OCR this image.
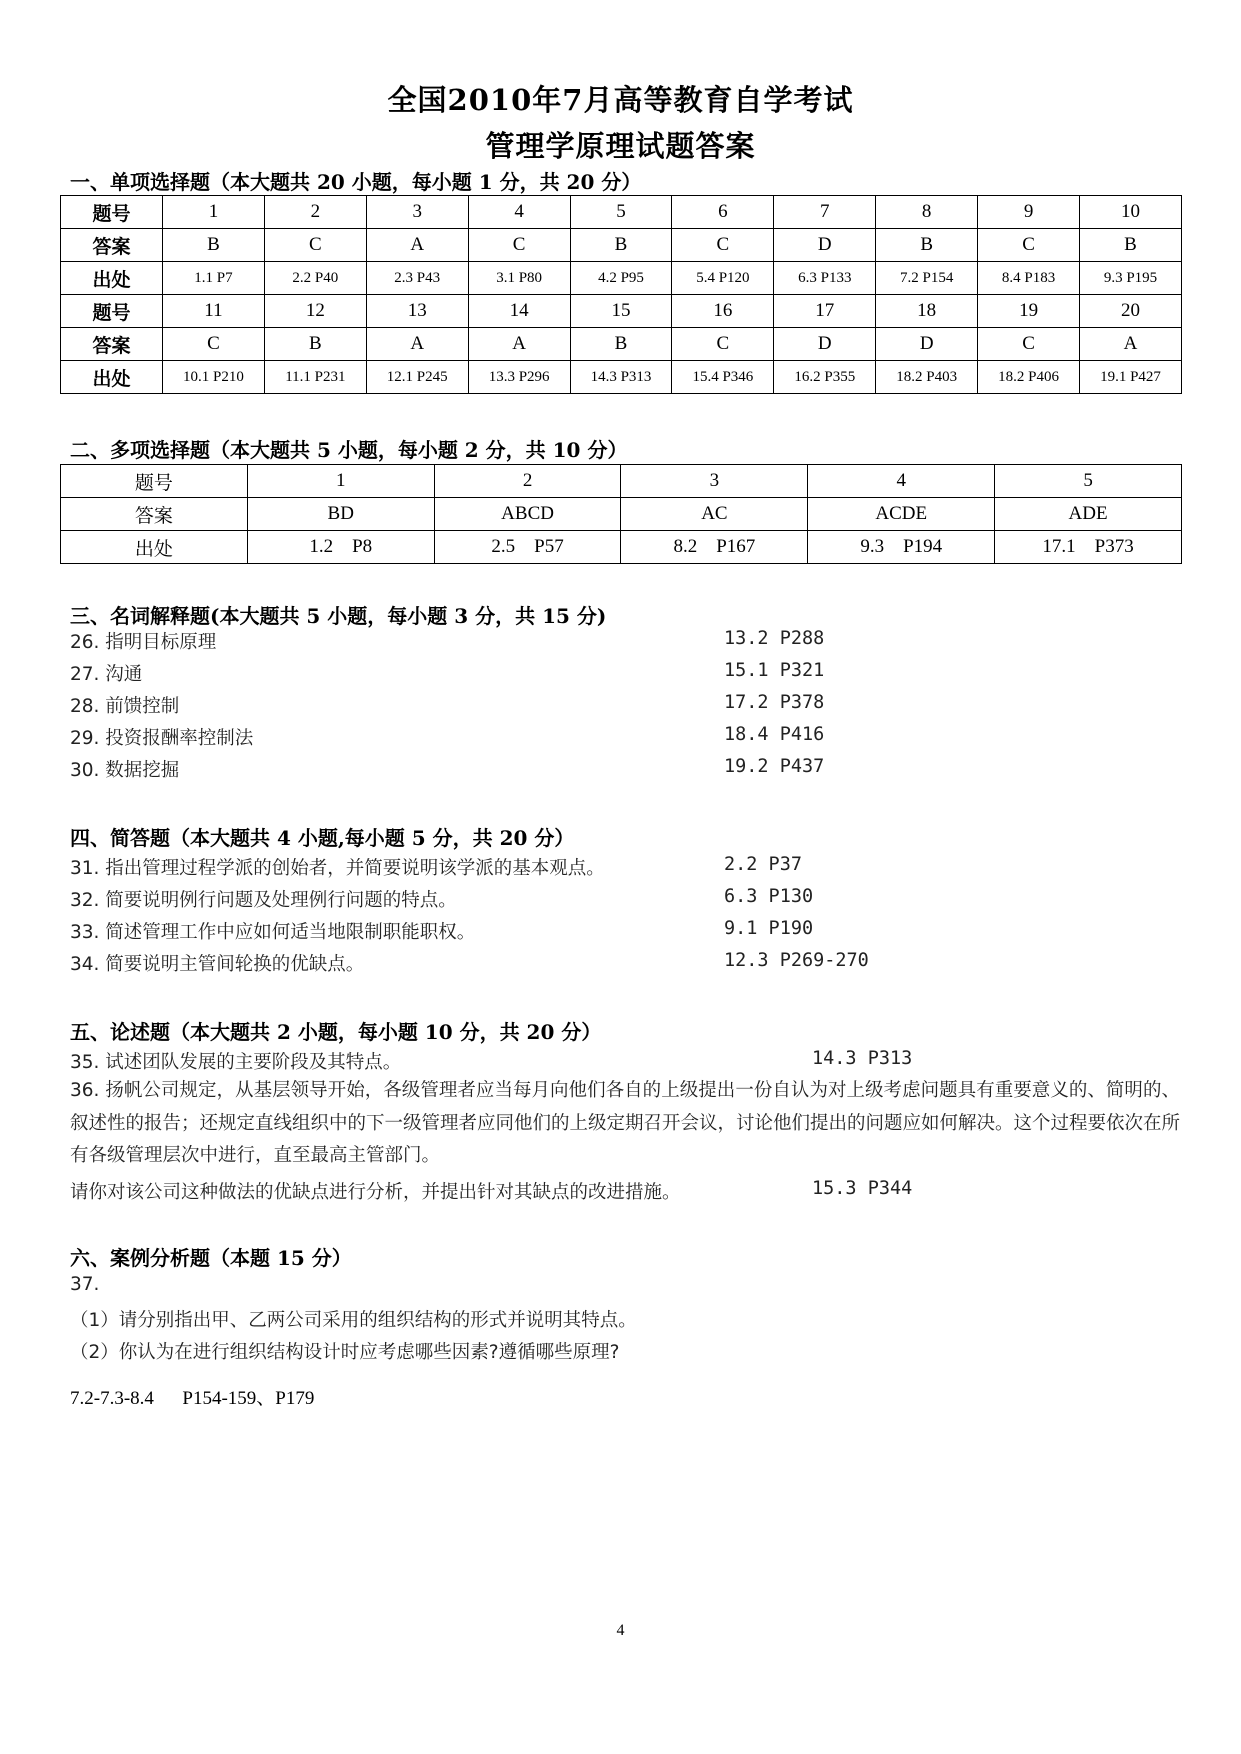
全国2010年7月高等教育自学考试
管理学原理试题答案

一、单项选择题（本大题共 20 小题，每小题 1 分，共 20 分）

题号	1	2	3	4	5	6	7	8	9	10
答案	B	C	A	C	B	C	D	B	C	B
出处	1.1 P7	2.2 P40	2.3 P43	3.1 P80	4.2 P95	5.4 P120	6.3 P133	7.2 P154	8.4 P183	9.3 P195
题号	11	12	13	14	15	16	17	18	19	20
答案	C	B	A	A	B	C	D	D	C	A
出处	10.1 P210	11.1 P231	12.1 P245	13.3 P296	14.3 P313	15.4 P346	16.2 P355	18.2 P403	18.2 P406	19.1 P427

二、多项选择题（本大题共 5 小题，每小题 2 分，共 10 分）

题号	1	2	3	4	5
答案	BD	ABCD	AC	ACDE	ADE
出处	1.2    P8	2.5    P57	8.2    P167	9.3    P194	17.1    P373

三、名词解释题(本大题共 5 小题，每小题 3 分，共 15 分)

26. 指明目标原理	13.2 P288

27. 沟通	15.1 P321

28. 前馈控制	17.2 P378

29. 投资报酬率控制法	18.4 P416

30. 数据挖掘	19.2 P437

四、简答题（本大题共 4 小题,每小题 5 分，共 20 分）

31. 指出管理过程学派的创始者，并简要说明该学派的基本观点。	2.2 P37

32. 简要说明例行问题及处理例行问题的特点。	6.3 P130

33. 简述管理工作中应如何适当地限制职能职权。	9.1 P190

34. 简要说明主管间轮换的优缺点。	12.3 P269-270

五、论述题（本大题共 2 小题，每小题 10 分，共 20 分）

35. 试述团队发展的主要阶段及其特点。	14.3 P313

36. 扬帆公司规定，从基层领导开始，各级管理者应当每月向他们各自的上级提出一份自认为对上级考虑问题具有重要意义的、简明的、叙述性的报告；还规定直线组织中的下一级管理者应同他们的上级定期召开会议，讨论他们提出的问题应如何解决。这个过程要依次在所有各级管理层次中进行，直至最高主管部门。

请你对该公司这种做法的优缺点进行分析，并提出针对其缺点的改进措施。	15.3 P344

六、案例分析题（本题 15 分）

37.

（1）请分别指出甲、乙两公司采用的组织结构的形式并说明其特点。

（2）你认为在进行组织结构设计时应考虑哪些因素?遵循哪些原理?

7.2-7.3-8.4      P154-159、P179

4
